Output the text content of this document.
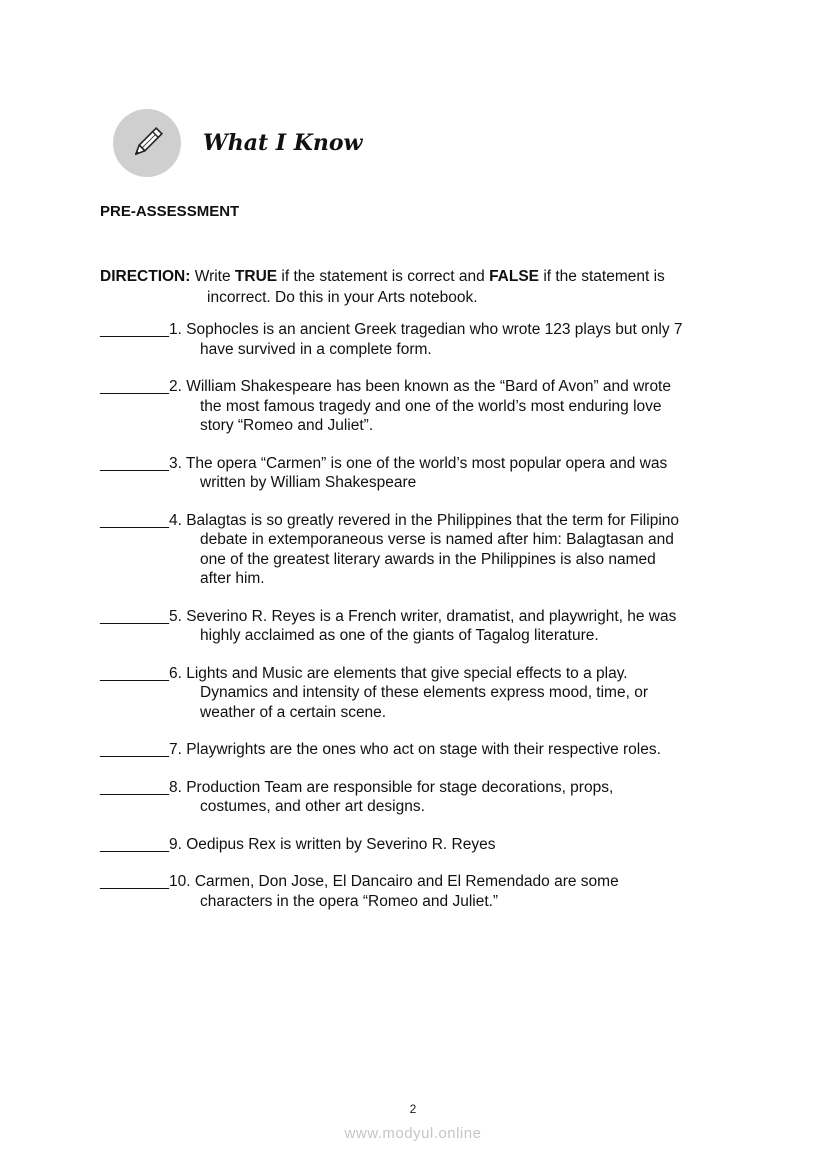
What I Know
PRE-ASSESSMENT
DIRECTION: Write TRUE if the statement is correct and FALSE if the statement is
incorrect. Do this in your Arts notebook.
________1. Sophocles is an ancient Greek tragedian who wrote 123 plays but only 7
have survived in a complete form.
________2. William Shakespeare has been known as the “Bard of Avon” and wrote
the most famous tragedy and one of the world’s most enduring love
story “Romeo and Juliet”.
________3. The opera “Carmen” is one of the world’s most popular opera and was
written by William Shakespeare
________4. Balagtas is so greatly revered in the Philippines that the term for Filipino
debate in extemporaneous verse is named after him: Balagtasan and
one of the greatest literary awards in the Philippines is also named
after him.
________5. Severino R. Reyes is a French writer, dramatist, and playwright, he was
highly acclaimed as one of the giants of Tagalog literature.
________6. Lights and Music are elements that give special effects to a play.
Dynamics and intensity of these elements express mood, time, or
weather of a certain scene.
________7. Playwrights are the ones who act on stage with their respective roles.
________8. Production Team are responsible for stage decorations, props,
costumes, and other art designs.
________9. Oedipus Rex is written by Severino R. Reyes
________10. Carmen, Don Jose, El Dancairo and El Remendado are some
characters in the opera “Romeo and Juliet.”
2
www.modyul.online
